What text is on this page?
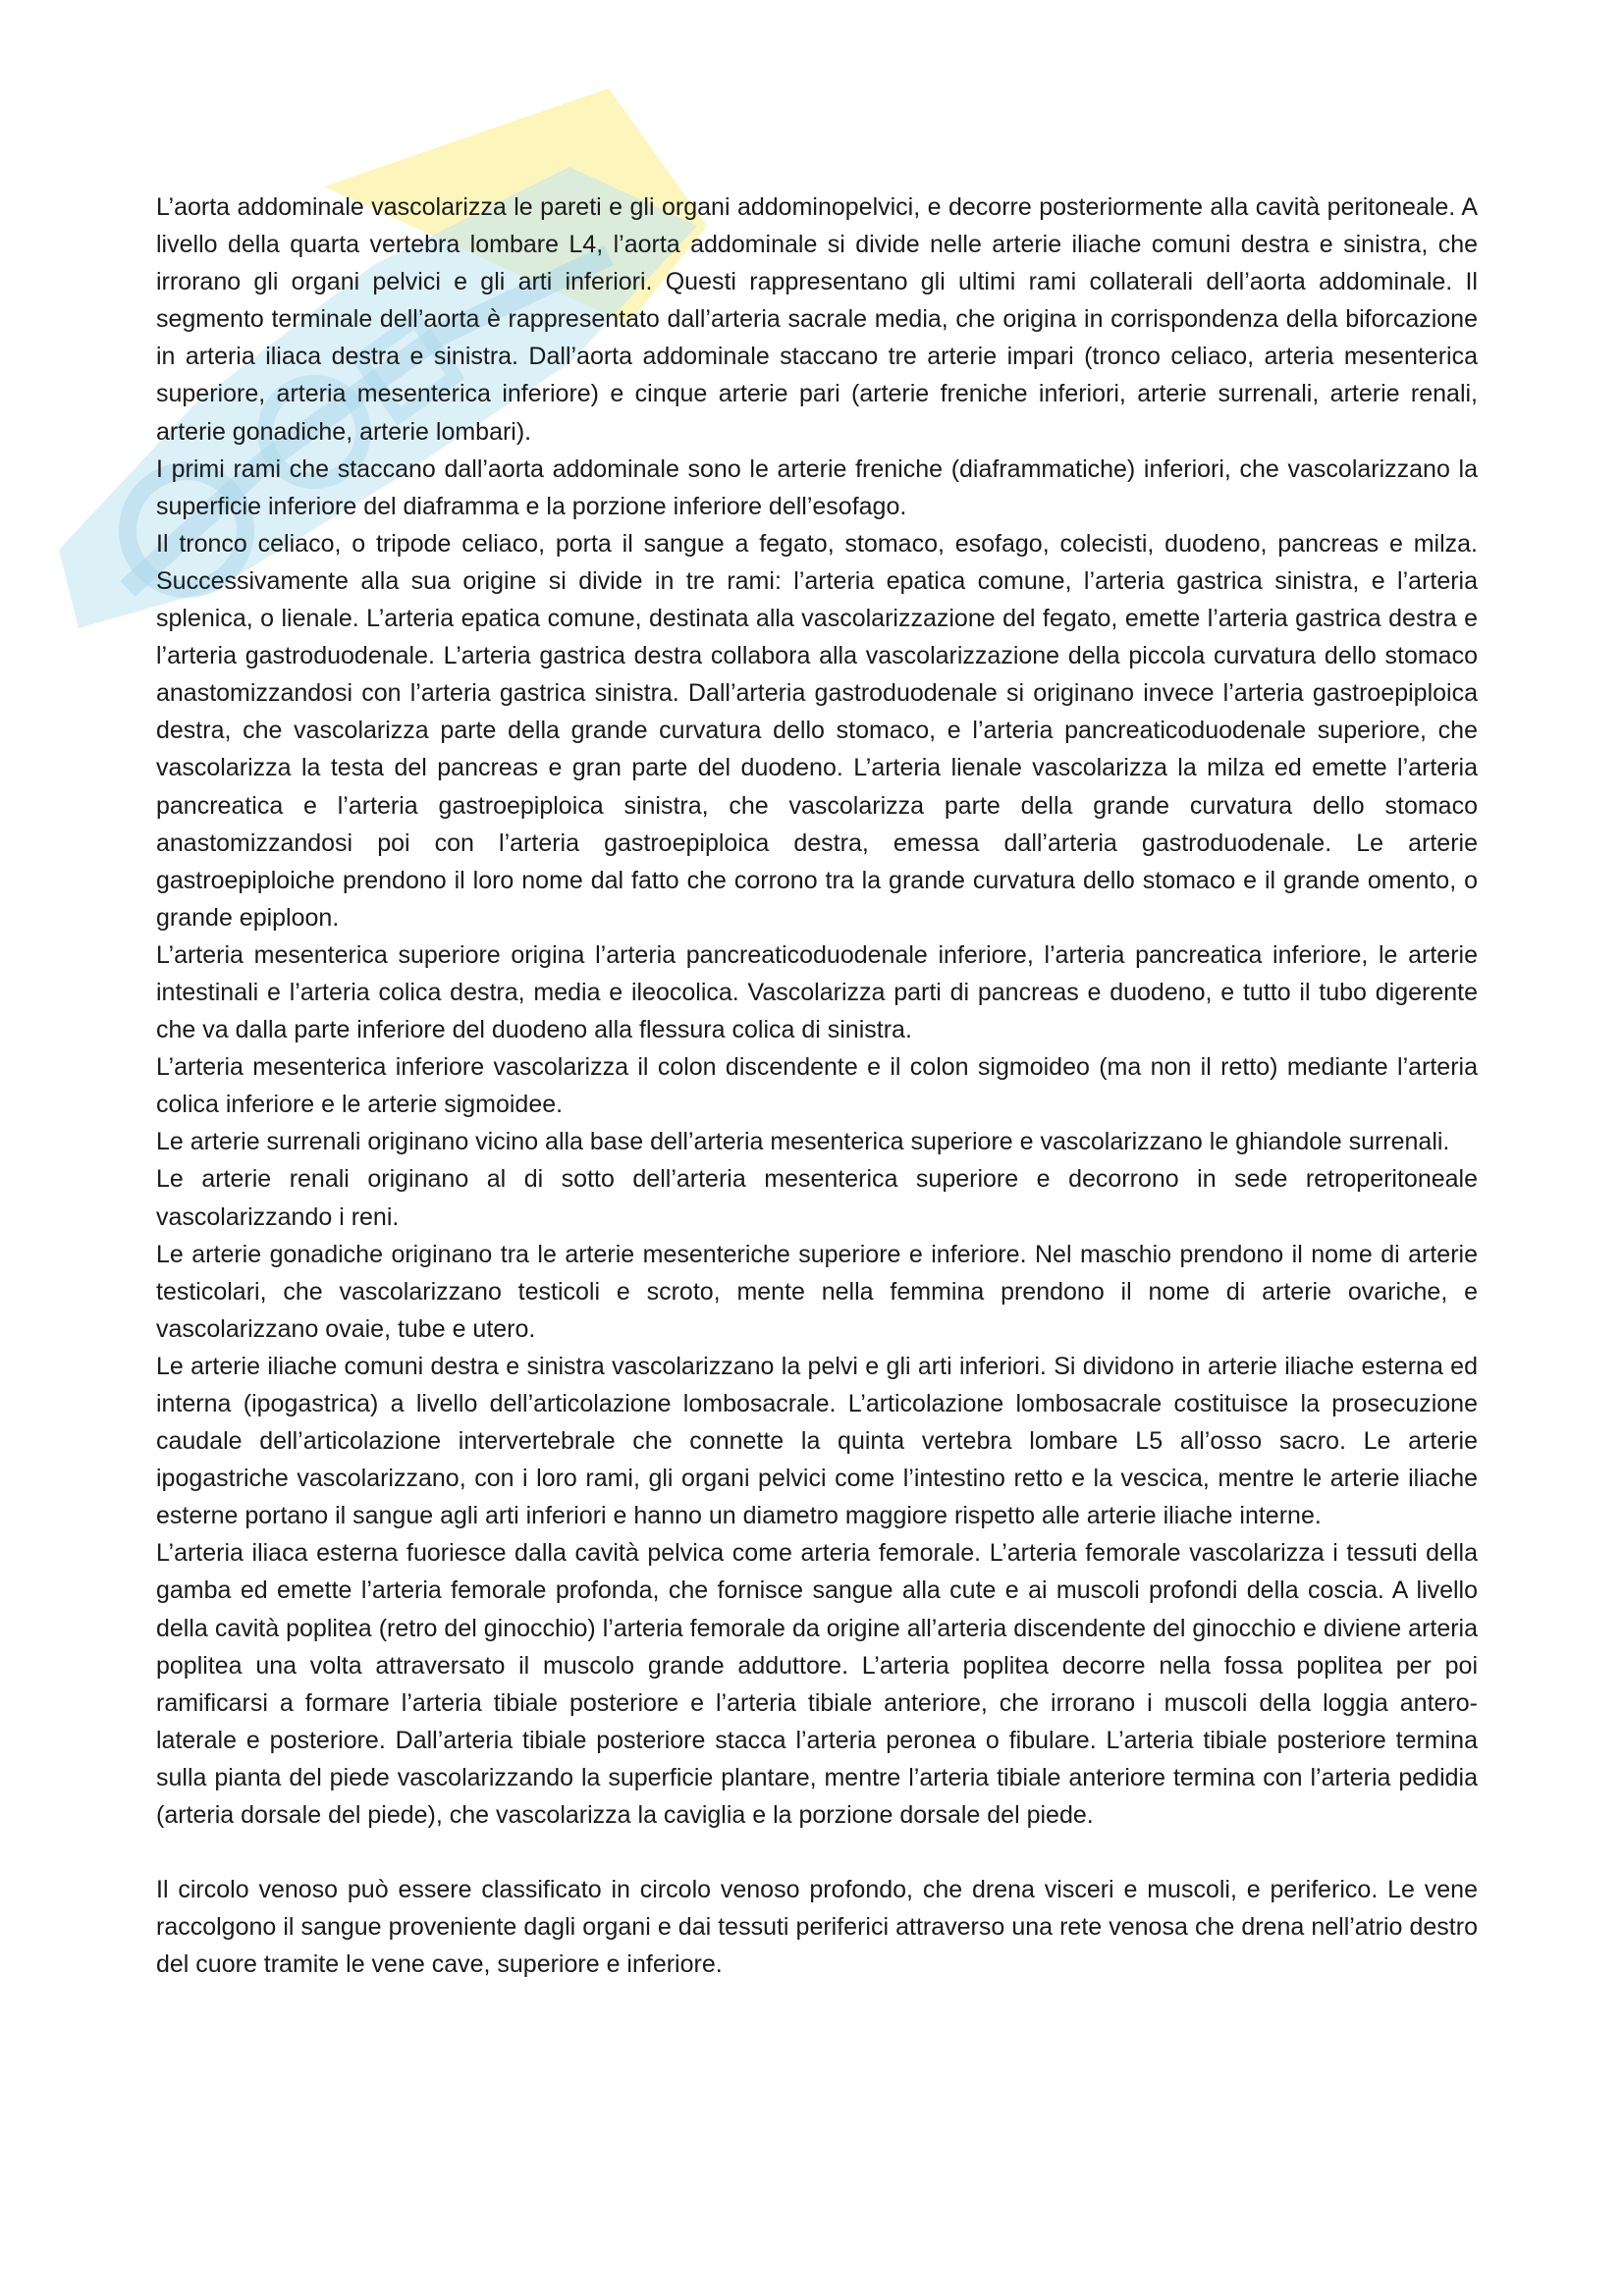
L’aorta addominale vascolarizza le pareti e gli organi addominopelvici, e decorre posteriormente alla cavità peritoneale. A livello della quarta vertebra lombare L4, l’aorta addominale si divide nelle arterie iliache comuni destra e sinistra, che irrorano gli organi pelvici e gli arti inferiori. Questi rappresentano gli ultimi rami collaterali dell’aorta addominale. Il segmento terminale dell’aorta è rappresentato dall’arteria sacrale media, che origina in corrispondenza della biforcazione in arteria iliaca destra e sinistra. Dall’aorta addominale staccano tre arterie impari (tronco celiaco, arteria mesenterica superiore, arteria mesenterica inferiore) e cinque arterie pari (arterie freniche inferiori, arterie surrenali, arterie renali, arterie gonadiche, arterie lombari).

I primi rami che staccano dall’aorta addominale sono le arterie freniche (diaframmatiche) inferiori, che vascolarizzano la superficie inferiore del diaframma e la porzione inferiore dell’esofago.

Il tronco celiaco, o tripode celiaco, porta il sangue a fegato, stomaco, esofago, colecisti, duodeno, pancreas e milza. Successivamente alla sua origine si divide in tre rami: l’arteria epatica comune, l’arteria gastrica sinistra, e l’arteria splenica, o lienale. L’arteria epatica comune, destinata alla vascolarizzazione del fegato, emette l’arteria gastrica destra e l’arteria gastroduodenale. L’arteria gastrica destra collabora alla vascolarizzazione della piccola curvatura dello stomaco anastomizzandosi con l’arteria gastrica sinistra. Dall’arteria gastroduodenale si originano invece l’arteria gastroepiploica destra, che vascolarizza parte della grande curvatura dello stomaco, e l’arteria pancreaticoduodenale superiore, che vascolarizza la testa del pancreas e gran parte del duodeno. L’arteria lienale vascolarizza la milza ed emette l’arteria pancreatica e l’arteria gastroepiploica sinistra, che vascolarizza parte della grande curvatura dello stomaco anastomizzandosi poi con l’arteria gastroepiploica destra, emessa dall’arteria gastroduodenale. Le arterie gastroepiploiche prendono il loro nome dal fatto che corrono tra la grande curvatura dello stomaco e il grande omento, o grande epiploon.

L’arteria mesenterica superiore origina l’arteria pancreaticoduodenale inferiore, l’arteria pancreatica inferiore, le arterie intestinali e l’arteria colica destra, media e ileocolica. Vascolarizza parti di pancreas e duodeno, e tutto il tubo digerente che va dalla parte inferiore del duodeno alla flessura colica di sinistra.

L’arteria mesenterica inferiore vascolarizza il colon discendente e il colon sigmoideo (ma non il retto) mediante l’arteria colica inferiore e le arterie sigmoidee.

Le arterie surrenali originano vicino alla base dell’arteria mesenterica superiore e vascolarizzano le ghiandole surrenali.

Le arterie renali originano al di sotto dell’arteria mesenterica superiore e decorrono in sede retroperitoneale vascolarizzando i reni.

Le arterie gonadiche originano tra le arterie mesenteriche superiore e inferiore. Nel maschio prendono il nome di arterie testicolari, che vascolarizzano testicoli e scroto, mente nella femmina prendono il nome di arterie ovariche, e vascolarizzano ovaie, tube e utero.

Le arterie iliache comuni destra e sinistra vascolarizzano la pelvi e gli arti inferiori. Si dividono in arterie iliache esterna ed interna (ipogastrica) a livello dell’articolazione lombosacrale. L’articolazione lombosacrale costituisce la prosecuzione caudale dell’articolazione intervertebrale che connette la quinta vertebra lombare L5 all’osso sacro. Le arterie ipogastriche vascolarizzano, con i loro rami, gli organi pelvici come l’intestino retto e la vescica, mentre le arterie iliache esterne portano il sangue agli arti inferiori e hanno un diametro maggiore rispetto alle arterie iliache interne.

L’arteria iliaca esterna fuoriesce dalla cavità pelvica come arteria femorale. L’arteria femorale vascolarizza i tessuti della gamba ed emette l’arteria femorale profonda, che fornisce sangue alla cute e ai muscoli profondi della coscia. A livello della cavità poplitea (retro del ginocchio) l’arteria femorale da origine all’arteria discendente del ginocchio e diviene arteria poplitea una volta attraversato il muscolo grande adduttore. L’arteria poplitea decorre nella fossa poplitea per poi ramificarsi a formare l’arteria tibiale posteriore e l’arteria tibiale anteriore, che irrorano i muscoli della loggia antero-laterale e posteriore. Dall’arteria tibiale posteriore stacca l’arteria peronea o fibulare. L’arteria tibiale posteriore termina sulla pianta del piede vascolarizzando la superficie plantare, mentre l’arteria tibiale anteriore termina con l’arteria pedidia (arteria dorsale del piede), che vascolarizza la caviglia e la porzione dorsale del piede.

Il circolo venoso può essere classificato in circolo venoso profondo, che drena visceri e muscoli, e periferico. Le vene raccolgono il sangue proveniente dagli organi e dai tessuti periferici attraverso una rete venosa che drena nell’atrio destro del cuore tramite le vene cave, superiore e inferiore.
